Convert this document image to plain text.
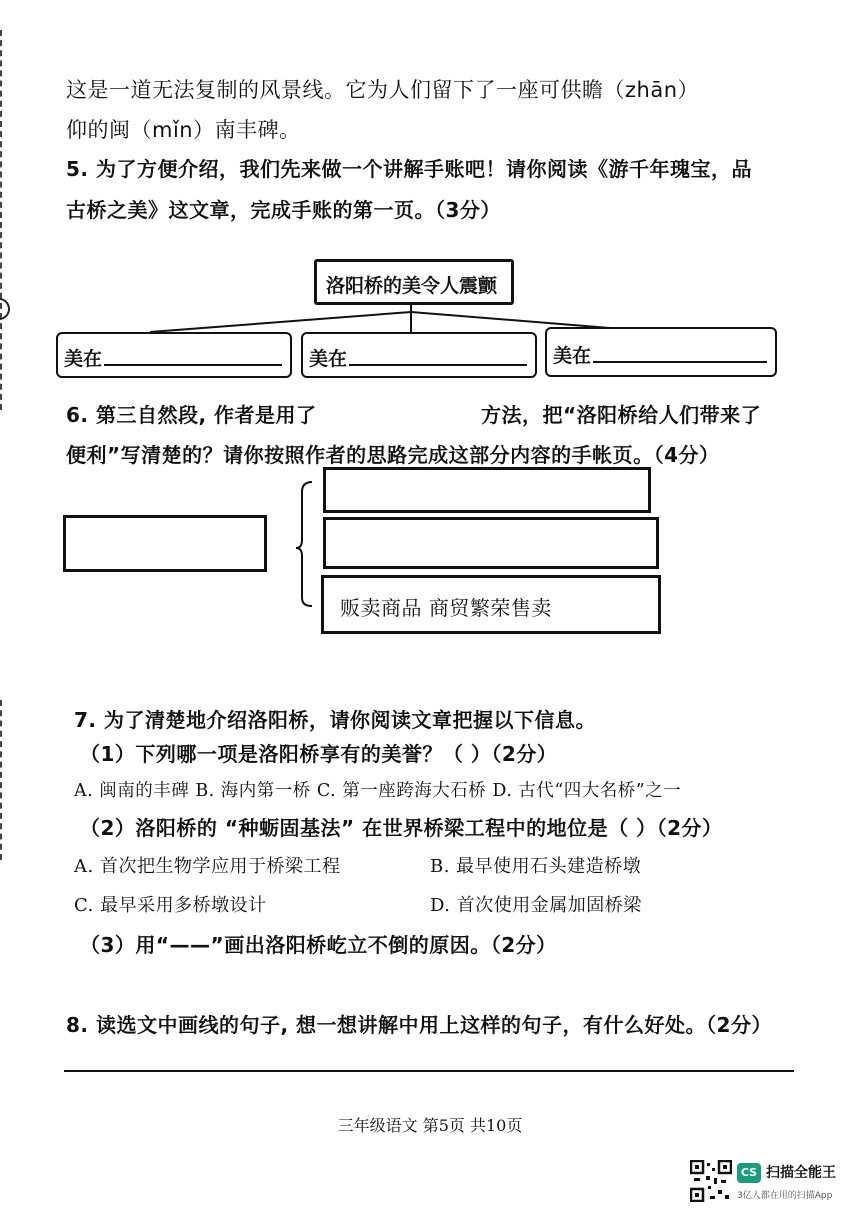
这是一道无法复制的风景线。它为人们留下了一座可供瞻（zhān）
仰的闽（mǐn）南丰碑。
5. 为了方便介绍，我们先来做一个讲解手账吧！请你阅读《游千年瑰宝，品
古桥之美》这文章，完成手账的第一页。（3分）
洛阳桥的美令人震颤
美在	美在	美在
6. 第三自然段, 作者是用了	方法，把“洛阳桥给人们带来了
便利”写清楚的？请你按照作者的思路完成这部分内容的手帐页。（4分）
贩卖商品 商贸繁荣售卖
7. 为了清楚地介绍洛阳桥，请你阅读文章把握以下信息。
（1）下列哪一项是洛阳桥享有的美誉？（ ）（2分）
A. 闽南的丰碑 B. 海内第一桥 C. 第一座跨海大石桥 D. 古代“四大名桥”之一
（2）洛阳桥的 “种蛎固基法” 在世界桥梁工程中的地位是（ ）（2分）
A. 首次把生物学应用于桥梁工程	B. 最早使用石头建造桥墩
C. 最早采用多桥墩设计	D. 首次使用金属加固桥梁
（3）用“——”画出洛阳桥屹立不倒的原因。（2分）
8. 读选文中画线的句子, 想一想讲解中用上这样的句子，有什么好处。（2分）
三年级语文 第5页 共10页
CS 扫描全能王
3亿人都在用的扫描App
